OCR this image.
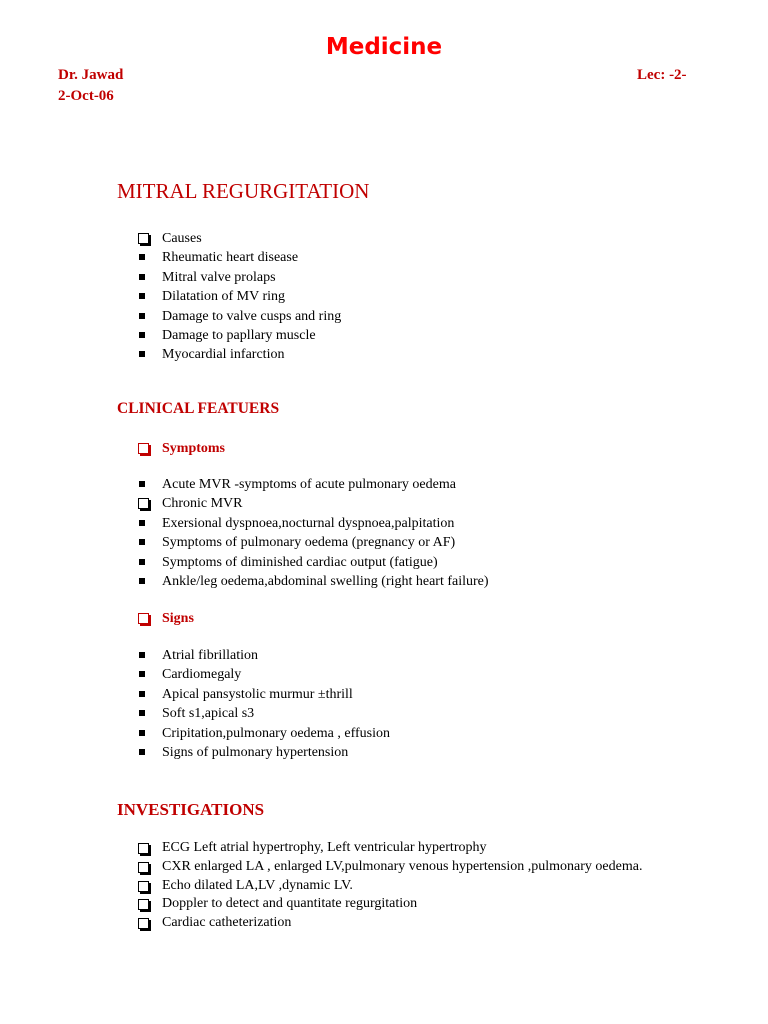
Medicine
Dr. Jawad	Lec: -2-
2-Oct-06
MITRAL REGURGITATION
Causes
Rheumatic heart disease
Mitral valve prolaps
Dilatation of MV ring
Damage to valve cusps and ring
Damage to papllary muscle
Myocardial infarction
CLINICAL FEATUERS
Symptoms
Acute MVR -symptoms of acute pulmonary oedema
Chronic MVR
Exersional dyspnoea,nocturnal dyspnoea,palpitation
Symptoms of pulmonary oedema (pregnancy or AF)
Symptoms of diminished cardiac output (fatigue)
Ankle/leg oedema,abdominal swelling (right heart failure)
Signs
Atrial fibrillation
Cardiomegaly
Apical pansystolic murmur ±thrill
Soft s1,apical s3
Cripitation,pulmonary oedema , effusion
Signs of pulmonary hypertension
INVESTIGATIONS
ECG Left atrial hypertrophy, Left ventricular hypertrophy
CXR enlarged LA , enlarged LV,pulmonary venous hypertension ,pulmonary oedema.
Echo dilated LA,LV ,dynamic LV.
Doppler to detect and quantitate regurgitation
Cardiac catheterization
